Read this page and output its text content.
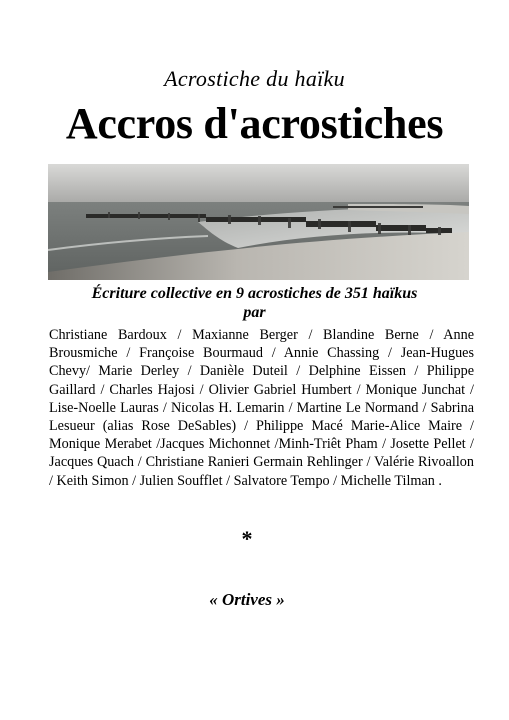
Acrostiche du haïku
Accros d'acrostiches
Écriture collective en 9 acrostiches de 351 haïkus
par
Christiane Bardoux / Maxianne Berger / Blandine Berne / Anne Brousmiche / Françoise Bourmaud / Annie Chassing / Jean-Hugues Chevy/ Marie Derley / Danièle Duteil / Delphine Eissen / Philippe Gaillard / Charles Hajosi / Olivier Gabriel Humbert / Monique Junchat / Lise-Noelle Lauras / Nicolas H. Lemarin / Martine Le Normand / Sabrina Lesueur (alias Rose DeSables) / Philippe Macé Marie-Alice Maire / Monique Merabet /Jacques Michonnet /Minh-Triêt Pham / Josette Pellet / Jacques Quach / Christiane Ranieri Germain Rehlinger / Valérie Rivoallon / Keith Simon / Julien Soufflet / Salvatore Tempo / Michelle Tilman .
*
« Ortives »
